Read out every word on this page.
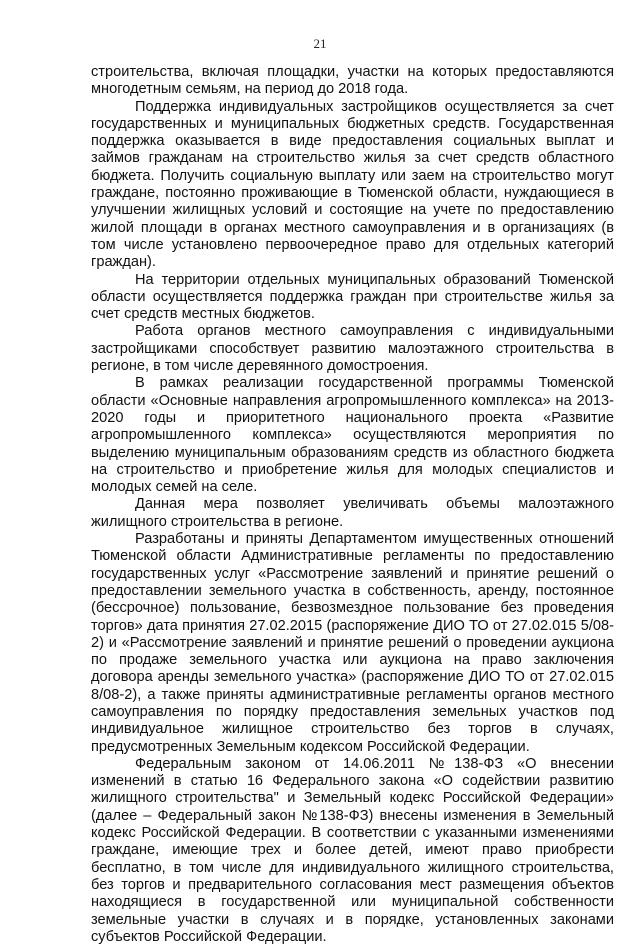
21

строительства, включая площадки, участки на которых предоставляются многодетным семьям, на период до 2018 года.

Поддержка индивидуальных застройщиков осуществляется за счет государственных и муниципальных бюджетных средств. Государственная поддержка оказывается в виде предоставления социальных выплат и займов гражданам на строительство жилья за счет средств областного бюджета. Получить социальную выплату или заем на строительство могут граждане, постоянно проживающие в Тюменской области, нуждающиеся в улучшении жилищных условий и состоящие на учете по предоставлению жилой площади в органах местного самоуправления и в организациях (в том числе установлено первоочередное право для отдельных категорий граждан).

На территории отдельных муниципальных образований Тюменской области осуществляется поддержка граждан при строительстве жилья за счет средств местных бюджетов.

Работа органов местного самоуправления с индивидуальными застройщиками способствует развитию малоэтажного строительства в регионе, в том числе деревянного домостроения.

В рамках реализации государственной программы Тюменской области «Основные направления агропромышленного комплекса» на 2013-2020 годы и приоритетного национального проекта «Развитие агропромышленного комплекса» осуществляются мероприятия по выделению муниципальным образованиям средств из областного бюджета на строительство и приобретение жилья для молодых специалистов и молодых семей на селе.

Данная мера позволяет увеличивать объемы малоэтажного жилищного строительства в регионе.

Разработаны и приняты Департаментом имущественных отношений Тюменской области Административные регламенты по предоставлению государственных услуг «Рассмотрение заявлений и принятие решений о предоставлении земельного участка в собственность, аренду, постоянное (бессрочное) пользование, безвозмездное пользование без проведения торгов» дата принятия 27.02.2015 (распоряжение ДИО ТО от 27.02.015 5/08-2) и «Рассмотрение заявлений и принятие решений о проведении аукциона по продаже земельного участка или аукциона на право заключения договора аренды земельного участка» (распоряжение ДИО ТО от 27.02.015 8/08-2), а также приняты административные регламенты органов местного самоуправления по порядку предоставления земельных участков под индивидуальное жилищное строительство без торгов в случаях, предусмотренных Земельным кодексом Российской Федерации.

Федеральным законом от 14.06.2011 №138-ФЗ «О внесении изменений в статью 16 Федерального закона «О содействии развитию жилищного строительства" и Земельный кодекс Российской Федерации» (далее – Федеральный закон №138-ФЗ) внесены изменения в Земельный кодекс Российской Федерации. В соответствии с указанными изменениями граждане, имеющие трех и более детей, имеют право приобрести бесплатно, в том числе для индивидуального жилищного строительства, без торгов и предварительного согласования мест размещения объектов находящиеся в государственной или муниципальной собственности земельные участки в случаях и в порядке, установленных законами субъектов Российской Федерации.
